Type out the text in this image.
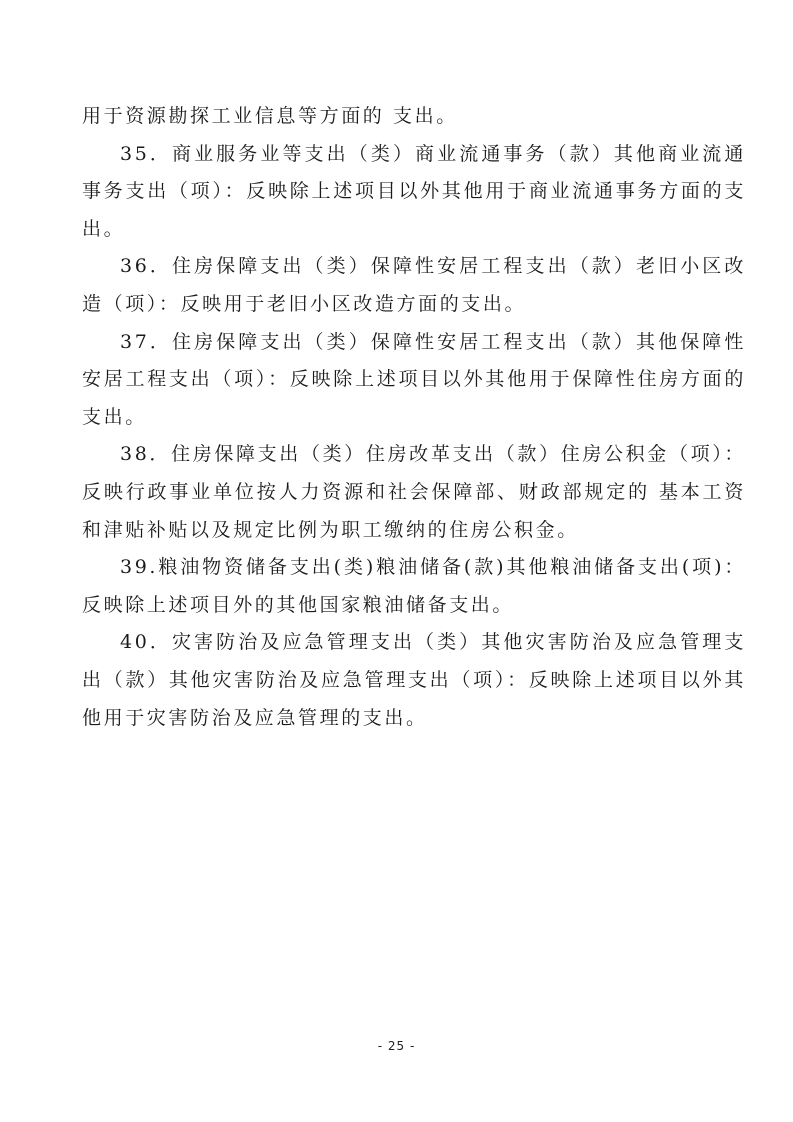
用于资源勘探工业信息等方面的 支出。

35．商业服务业等支出（类）商业流通事务（款）其他商业流通事务支出（项）：反映除上述项目以外其他用于商业流通事务方面的支出。

36．住房保障支出（类）保障性安居工程支出（款）老旧小区改造（项）：反映用于老旧小区改造方面的支出。

37．住房保障支出（类）保障性安居工程支出（款）其他保障性安居工程支出（项）：反映除上述项目以外其他用于保障性住房方面的支出。

38．住房保障支出（类）住房改革支出（款）住房公积金（项）：反映行政事业单位按人力资源和社会保障部、财政部规定的 基本工资和津贴补贴以及规定比例为职工缴纳的住房公积金。

39.粮油物资储备支出(类)粮油储备(款)其他粮油储备支出(项)：反映除上述项目外的其他国家粮油储备支出。

40．灾害防治及应急管理支出（类）其他灾害防治及应急管理支出（款）其他灾害防治及应急管理支出（项）：反映除上述项目以外其他用于灾害防治及应急管理的支出。

- 25 -
